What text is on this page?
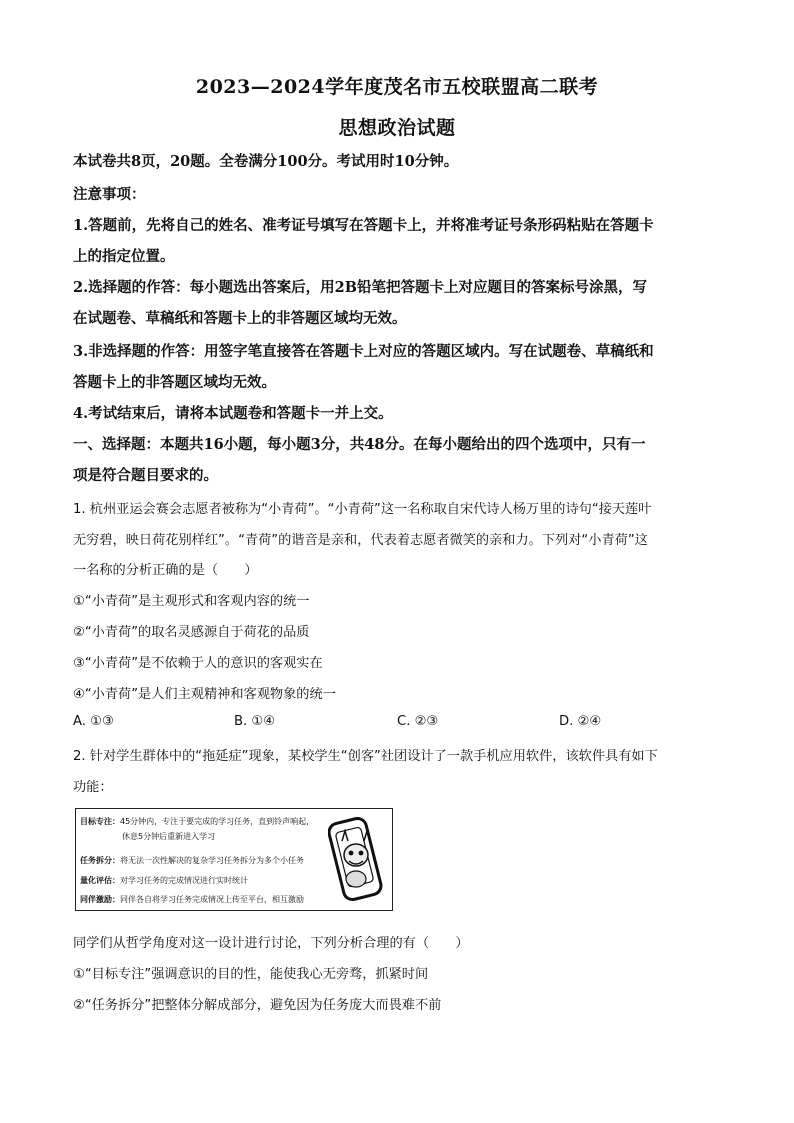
2023—2024学年度茂名市五校联盟高二联考
思想政治试题
本试卷共8页，20题。全卷满分100分。考试用时10分钟。
注意事项：
1.答题前，先将自己的姓名、准考证号填写在答题卡上，并将准考证号条形码粘贴在答题卡
上的指定位置。
2.选择题的作答：每小题选出答案后，用2B铅笔把答题卡上对应题目的答案标号涂黑，写
在试题卷、草稿纸和答题卡上的非答题区域均无效。
3.非选择题的作答：用签字笔直接答在答题卡上对应的答题区域内。写在试题卷、草稿纸和
答题卡上的非答题区域均无效。
4.考试结束后，请将本试题卷和答题卡一并上交。
一、选择题：本题共16小题，每小题3分，共48分。在每小题给出的四个选项中，只有一
项是符合题目要求的。
1. 杭州亚运会赛会志愿者被称为“小青荷”。“小青荷”这一名称取自宋代诗人杨万里的诗句“接天莲叶
无穷碧，映日荷花别样红”。“青荷”的谐音是亲和，代表着志愿者微笑的亲和力。下列对“小青荷”这
一名称的分析正确的是（　　）
①“小青荷”是主观形式和客观内容的统一
②“小青荷”的取名灵感源自于荷花的品质
③“小青荷”是不依赖于人的意识的客观实在
④“小青荷”是人们主观精神和客观物象的统一
A. ①③	B. ①④	C. ②③	D. ②④
2. 针对学生群体中的“拖延症”现象，某校学生“创客”社团设计了一款手机应用软件，该软件具有如下
功能：
目标专注：45分钟内，专注于要完成的学习任务，直到铃声响起，
休息5分钟后重新进入学习
任务拆分：将无法一次性解决的复杂学习任务拆分为多个小任务
量化评估：对学习任务的完成情况进行实时统计
同伴激励：同伴各自将学习任务完成情况上传至平台，相互激励
同学们从哲学角度对这一设计进行讨论，下列分析合理的有（　　）
①“目标专注”强调意识的目的性，能使我心无旁骛，抓紧时间
②“任务拆分”把整体分解成部分，避免因为任务庞大而畏难不前
